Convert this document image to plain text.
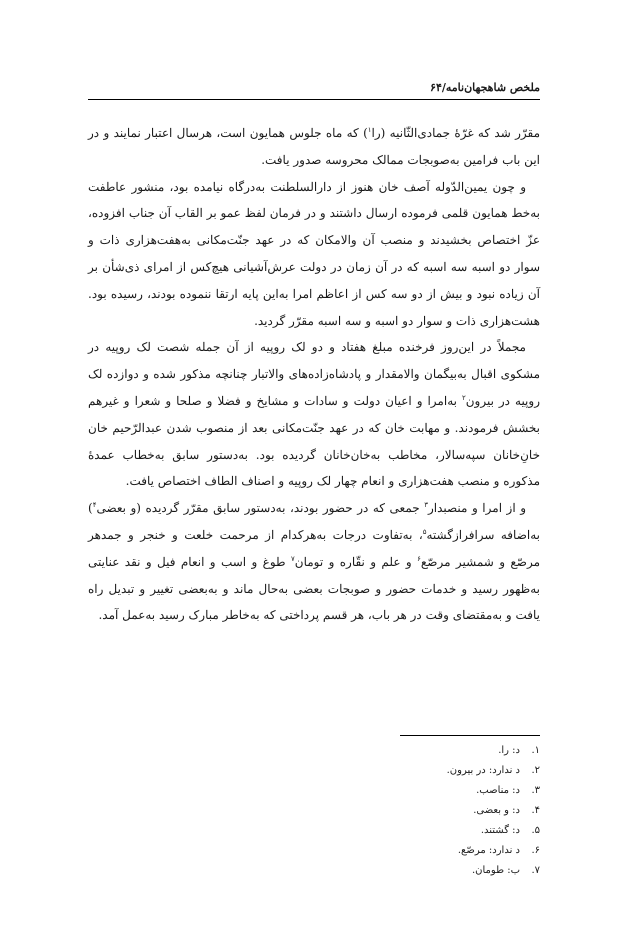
ملخص شاهجهان‌نامه/۶۴

مقرّر شد که غرّهٔ جمادی‌الثّانیه (را$^۱$) که ماه جلوس همایون است، هرسال اعتبار نمایند و در این باب فرامین به‌صوبجات ممالک محروسه صدور یافت.

و چون یمین‌الدّوله آصف خان هنوز از دارالسلطنت به‌درگاه نیامده بود، منشور عاطفت به‌خط همایون قلمی فرموده ارسال داشتند و در فرمان لفظ عمو بر القاب آن جناب افزوده، عزّ اختصاص بخشیدند و منصب آن والامکان که در عهد جنّت‌مکانی به‌هفت‌هزاری ذات و سوار دو اسبه سه اسبه که در آن زمان در دولت عرش‌آشیانی هیچ‌کس از امرای ذی‌شأن بر آن زیاده نبود و بیش از دو سه کس از اعاظم امرا به‌این پایه ارتقا ننموده بودند، رسیده بود. هشت‌هزاری ذات و سوار دو اسبه و سه اسبه مقرّر گردید.

مجملاً در این‌روز فرخنده مبلغ هفتاد و دو لک روپیه از آن جمله شصت لک روپیه در مشکوی اقبال به‌بیگمان والامقدار و پادشاه‌زاده‌های والاتبار چنانچه مذکور شده و دوازده لک روپیه در بیرون$^۲$ به‌امرا و اعیان دولت و سادات و مشایخ و فضلا و صلحا و شعرا و غیرهم بخشش فرمودند. و مهابت خان که در عهد جنّت‌مکانی بعد از منصوب شدن عبدالرّحیم خان خانِ‌خانان سپه‌سالار، مخاطب به‌خان‌خانان گردیده بود. به‌دستور سابق به‌خطاب عمدهٔ مذکوره و منصب هفت‌هزاری و انعام چهار لک روپیه و اصناف الطاف اختصاص یافت.

و از امرا و منصبدار$^۳$ جمعی که در حضور بودند، به‌دستور سابق مقرّر گردیده (و بعضی$^۴$) به‌اضافه سرافرازگشته$^۵$، به‌تفاوت درجات به‌هرکدام از مرحمت خلعت و خنجر و جمدهر مرصّع و شمشیر مرصّع$^۶$ و علم و نقّاره و تومان$^۷$ طوغ و اسب و انعام فیل و نقد عنایتی به‌ظهور رسید و خدمات حضور و صوبجات بعضی به‌حال ماند و به‌بعضی تغییر و تبدیل راه یافت و به‌مقتضای وقت در هر باب، هر قسم پرداختی که به‌خاطر مبارک رسید به‌عمل آمد.

۱.د: را.
۲.د ندارد: در بیرون.
۳.د: مناصب.
۴.د: و بعضی.
۵.د: گشتند.
۶.د ندارد: مرصّع.
۷.ب: طومان.
